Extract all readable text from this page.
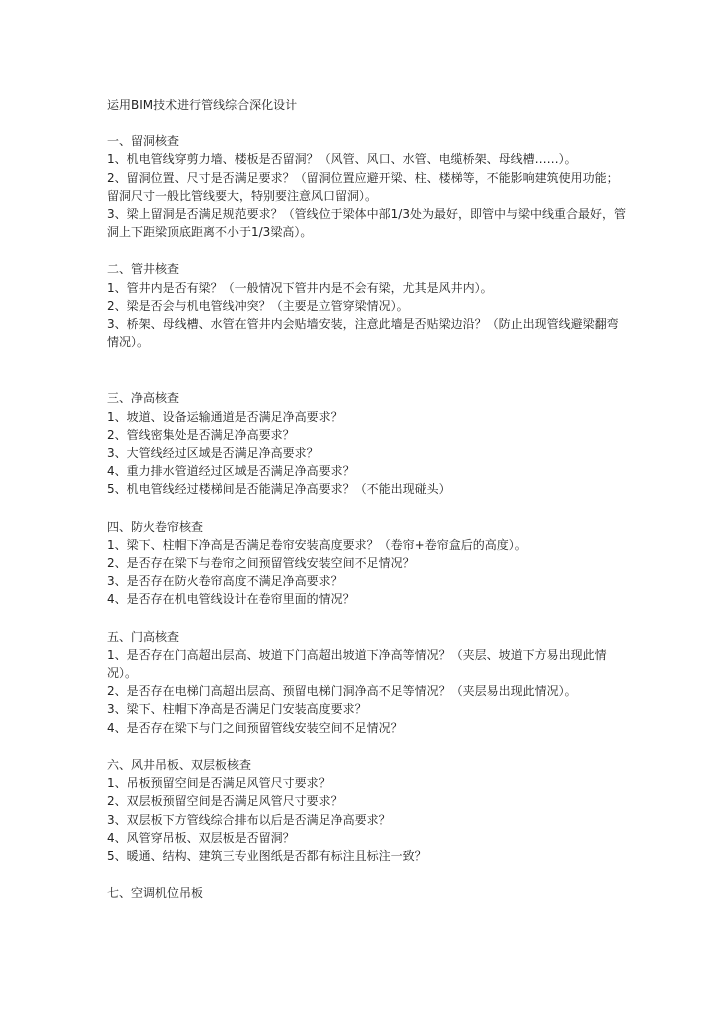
运用BIM技术进行管线综合深化设计

一、留洞核查

1、机电管线穿剪力墙、楼板是否留洞？（风管、风口、水管、电缆桥架、母线槽……）。

2、留洞位置、尺寸是否满足要求？（留洞位置应避开梁、柱、楼梯等，不能影响建筑使用功能；留洞尺寸一般比管线要大，特别要注意风口留洞）。

3、梁上留洞是否满足规范要求？（管线位于梁体中部1/3处为最好，即管中与梁中线重合最好，管洞上下距梁顶底距离不小于1/3梁高）。

二、管井核查

1、管井内是否有梁？（一般情况下管井内是不会有梁，尤其是风井内）。

2、梁是否会与机电管线冲突？（主要是立管穿梁情况）。

3、桥架、母线槽、水管在管井内会贴墙安装，注意此墙是否贴梁边沿？（防止出现管线避梁翻弯情况）。

三、净高核查

1、坡道、设备运输通道是否满足净高要求？

2、管线密集处是否满足净高要求？

3、大管线经过区域是否满足净高要求？

4、重力排水管道经过区域是否满足净高要求？

5、机电管线经过楼梯间是否能满足净高要求？（不能出现碰头）

四、防火卷帘核查

1、梁下、柱帽下净高是否满足卷帘安装高度要求？（卷帘+卷帘盒后的高度）。

2、是否存在梁下与卷帘之间预留管线安装空间不足情况？

3、是否存在防火卷帘高度不满足净高要求？

4、是否存在机电管线设计在卷帘里面的情况？

五、门高核查

1、是否存在门高超出层高、坡道下门高超出坡道下净高等情况？（夹层、坡道下方易出现此情况）。

2、是否存在电梯门高超出层高、预留电梯门洞净高不足等情况？（夹层易出现此情况）。

3、梁下、柱帽下净高是否满足门安装高度要求？

4、是否存在梁下与门之间预留管线安装空间不足情况？

六、风井吊板、双层板核查

1、吊板预留空间是否满足风管尺寸要求？

2、双层板预留空间是否满足风管尺寸要求？

3、双层板下方管线综合排布以后是否满足净高要求？

4、风管穿吊板、双层板是否留洞？

5、暖通、结构、建筑三专业图纸是否都有标注且标注一致？

七、空调机位吊板
